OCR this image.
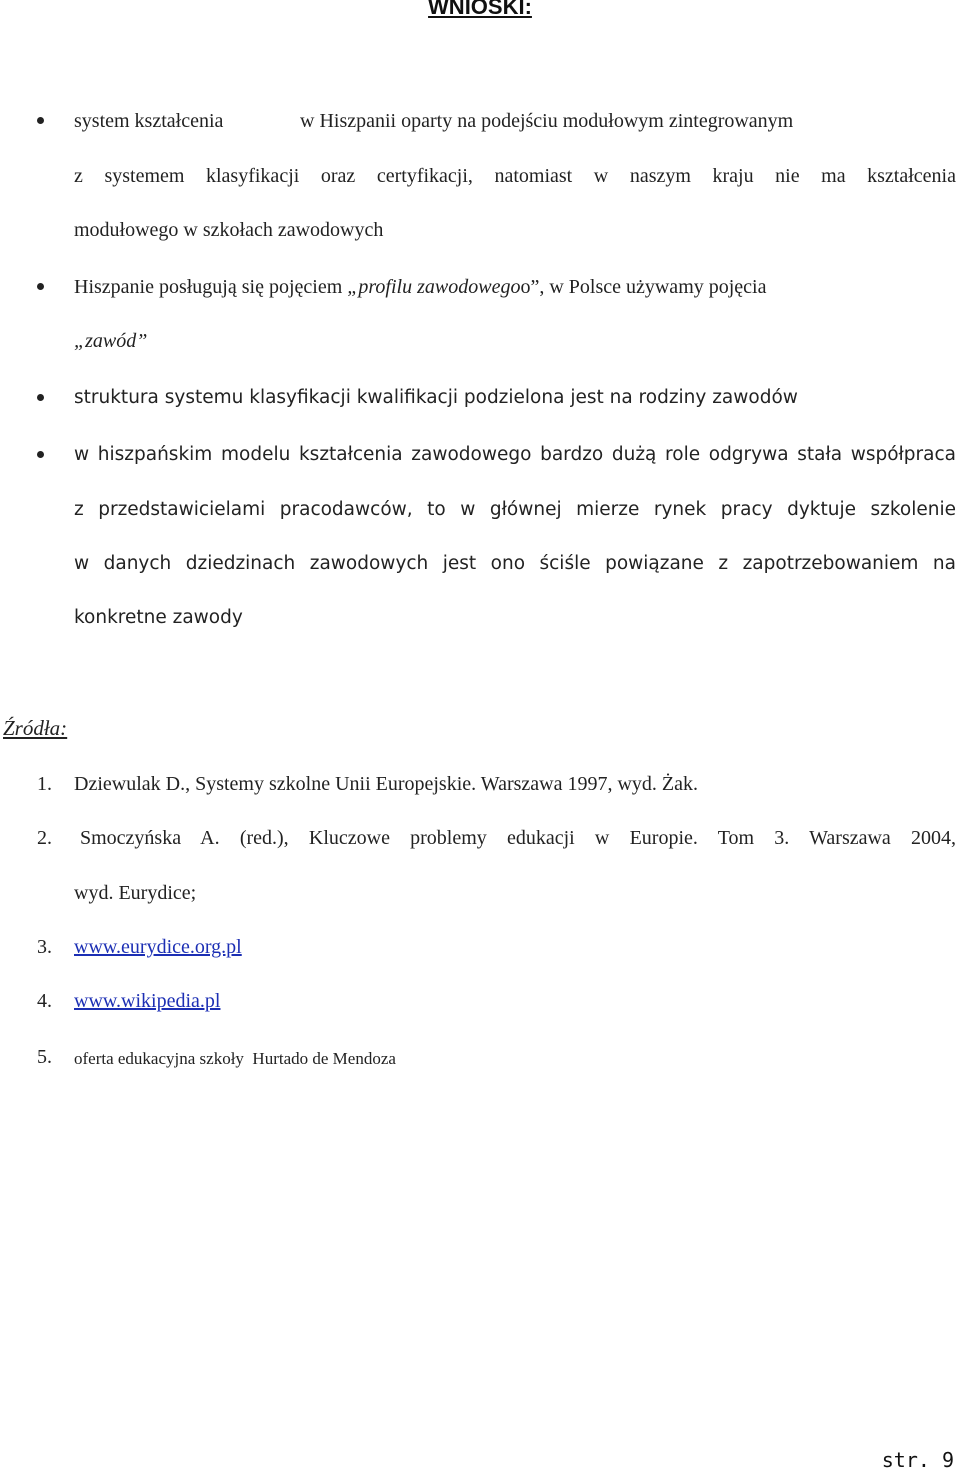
WNIOSKI:
system kształcenia	w Hiszpanii oparty na podejściu modułowym zintegrowanym
z systemem klasyfikacji oraz certyfikacji, natomiast w naszym kraju nie ma kształcenia
modułowego w szkołach zawodowych
Hiszpanie posługują się pojęciem „profilu zawodowegoo”, w Polsce używamy pojęcia
„zawód”
struktura systemu klasyfikacji kwalifikacji podzielona jest na rodziny zawodów
w hiszpańskim modelu kształcenia zawodowego bardzo dużą role odgrywa stała współpraca
z przedstawicielami pracodawców, to w głównej mierze rynek pracy dyktuje szkolenie
w danych dziedzinach zawodowych jest ono ściśle powiązane z zapotrzebowaniem na
konkretne zawody
Źródła:
1. Dziewulak D., Systemy szkolne Unii Europejskie. Warszawa 1997, wyd. Żak.
2. Smoczyńska A. (red.), Kluczowe problemy edukacji w Europie. Tom 3. Warszawa 2004,
wyd. Eurydice;
3. www.eurydice.org.pl
4. www.wikipedia.pl
5. oferta edukacyjna szkoły  Hurtado de Mendoza
str. 9
